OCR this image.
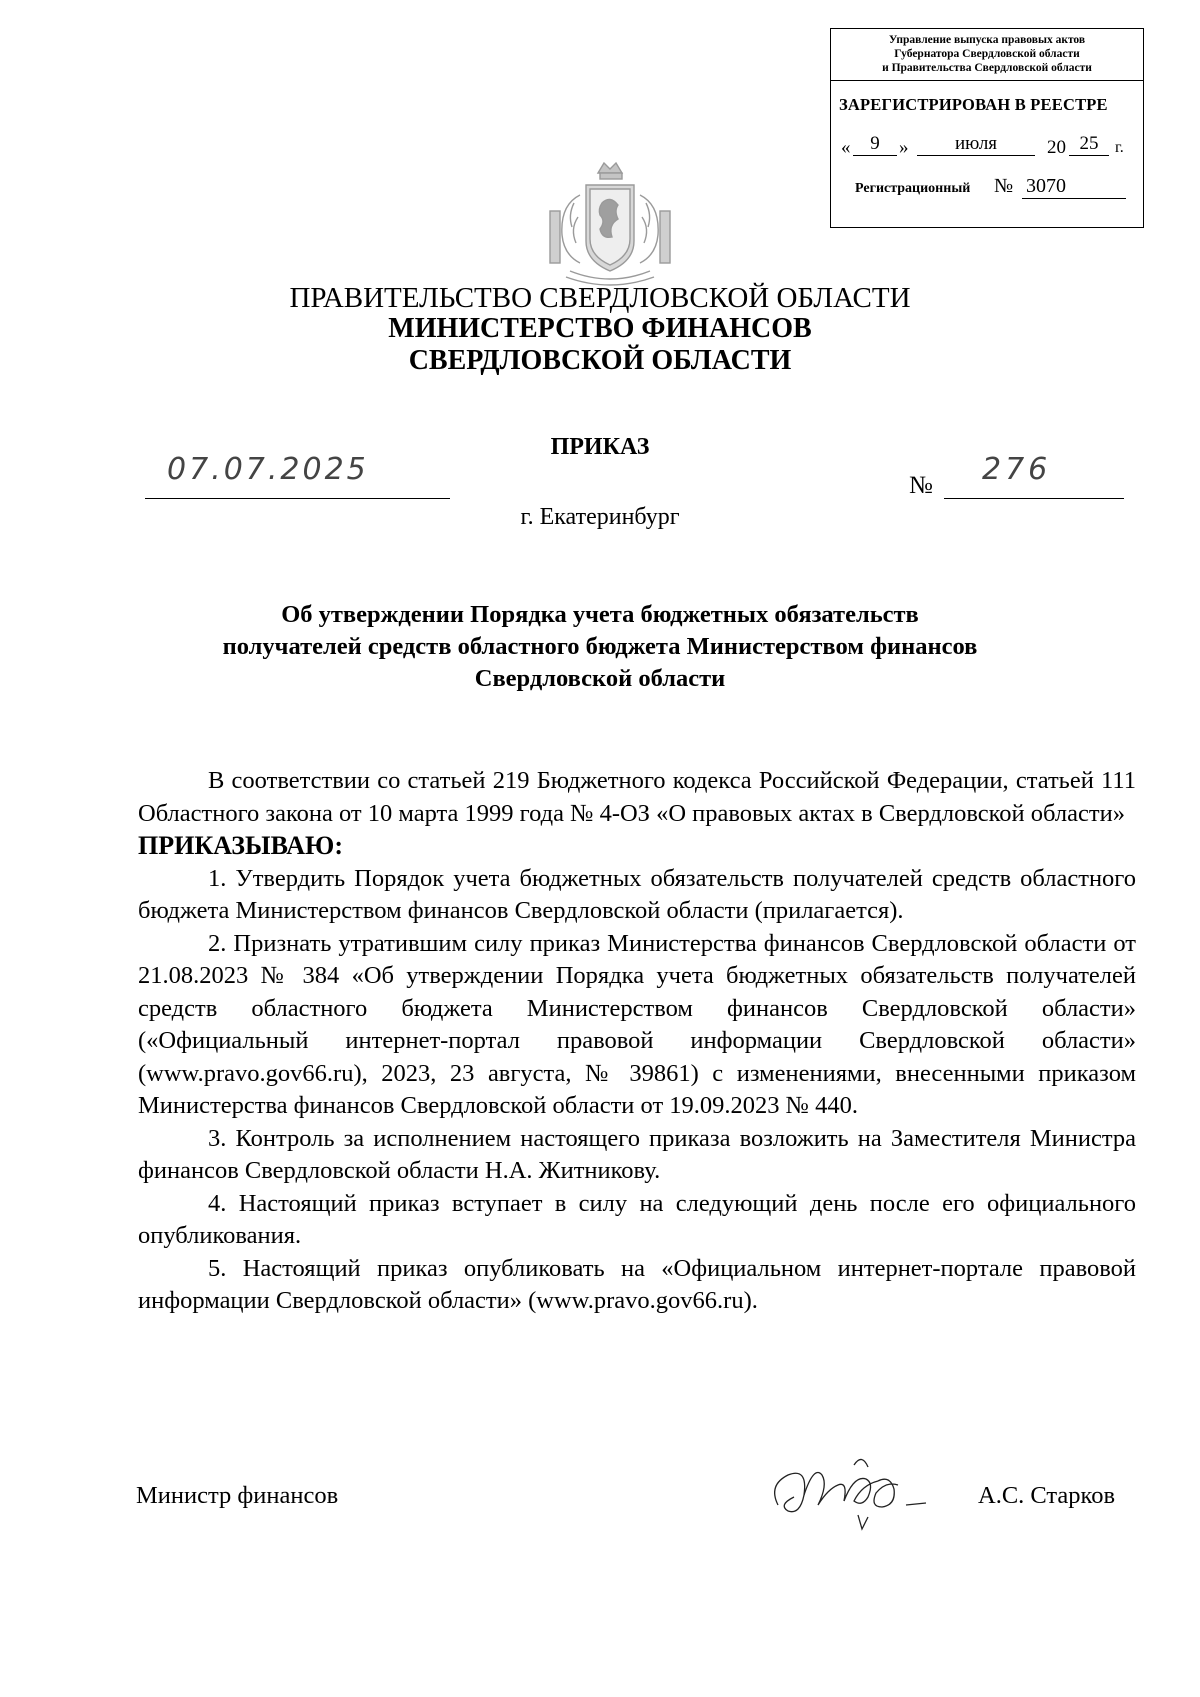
Управление выпуска правовых актов
Губернатора Свердловской области
и Правительства Свердловской области
ЗАРЕГИСТРИРОВАН В РЕЕСТРЕ
«	9	»	июля	20 25	г.
Регистрационный № 3070
ПРАВИТЕЛЬСТВО СВЕРДЛОВСКОЙ ОБЛАСТИ
МИНИСТЕРСТВО ФИНАНСОВ
СВЕРДЛОВСКОЙ ОБЛАСТИ
ПРИКАЗ
07.07.2025	№ 276
г. Екатеринбург
Об утверждении Порядка учета бюджетных обязательств
получателей средств областного бюджета Министерством финансов
Свердловской области

В соответствии со статьей 219 Бюджетного кодекса Российской Федерации, статьей 111 Областного закона от 10 марта 1999 года № 4-ОЗ «О правовых актах в Свердловской области»

ПРИКАЗЫВАЮ:

1. Утвердить Порядок учета бюджетных обязательств получателей средств областного бюджета Министерством финансов Свердловской области (прилагается).

2. Признать утратившим силу приказ Министерства финансов Свердловской области от 21.08.2023 № 384 «Об утверждении Порядка учета бюджетных обязательств получателей средств областного бюджета Министерством финансов Свердловской области» («Официальный интернет-портал правовой информации Свердловской области» (www.pravo.gov66.ru), 2023, 23 августа, № 39861) с изменениями, внесенными приказом Министерства финансов Свердловской области от 19.09.2023 № 440.

3. Контроль за исполнением настоящего приказа возложить на Заместителя Министра финансов Свердловской области Н.А. Житникову.

4. Настоящий приказ вступает в силу на следующий день после его официального опубликования.

5. Настоящий приказ опубликовать на «Официальном интернет-портале правовой информации Свердловской области» (www.pravo.gov66.ru).

Министр финансов	А.С. Старков
